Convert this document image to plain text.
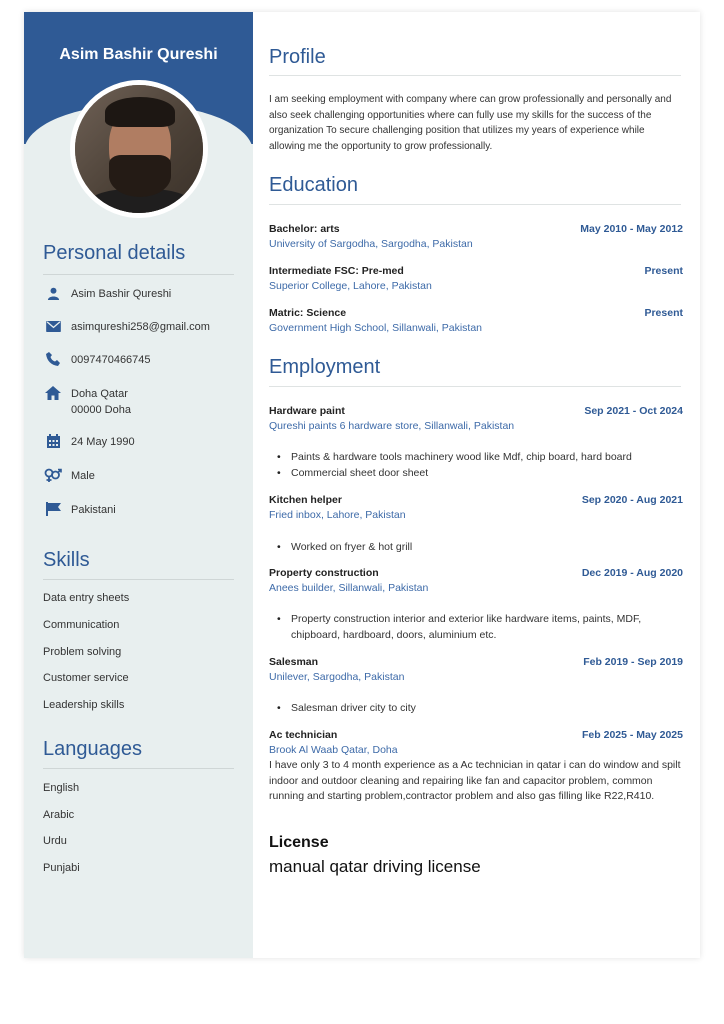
Asim Bashir Qureshi
Personal details
Asim Bashir Qureshi
asimqureshi258@gmail.com
0097470466745
Doha Qatar
00000 Doha
24 May 1990
Male
Pakistani
Skills
Data entry sheets
Communication
Problem solving
Customer service
Leadership skills
Languages
English
Arabic
Urdu
Punjabi
Profile
I am seeking employment with company where can grow professionally and personally and also seek challenging opportunities where can fully use my skills for the success of the organization To secure challenging position that utilizes my years of experience while allowing me the opportunity to grow professionally.
Education
Bachelor: arts	May 2010 - May 2012
University of Sargodha, Sargodha, Pakistan
Intermediate FSC: Pre-med	Present
Superior College, Lahore, Pakistan
Matric: Science	Present
Government High School, Sillanwali, Pakistan
Employment
Hardware paint	Sep 2021 - Oct 2024
Qureshi paints 6 hardware store, Sillanwali, Pakistan
• Paints & hardware tools machinery wood like Mdf, chip board, hard board
• Commercial sheet door sheet
Kitchen helper	Sep 2020 - Aug 2021
Fried inbox, Lahore, Pakistan
• Worked on fryer & hot grill
Property construction	Dec 2019 - Aug 2020
Anees builder, Sillanwali, Pakistan
• Property construction interior and exterior like hardware items, paints, MDF, chipboard, hardboard, doors, aluminium etc.
Salesman	Feb 2019 - Sep 2019
Unilever, Sargodha, Pakistan
• Salesman driver city to city
Ac technician	Feb 2025 - May 2025
Brook Al Waab Qatar, Doha
I have only 3 to 4 month experience as a Ac technician in qatar i can do window and spilt indoor and outdoor cleaning and repairing like fan and capacitor problem, common running and starting problem,contractor problem and also gas filling like R22,R410.
License
manual qatar driving license
